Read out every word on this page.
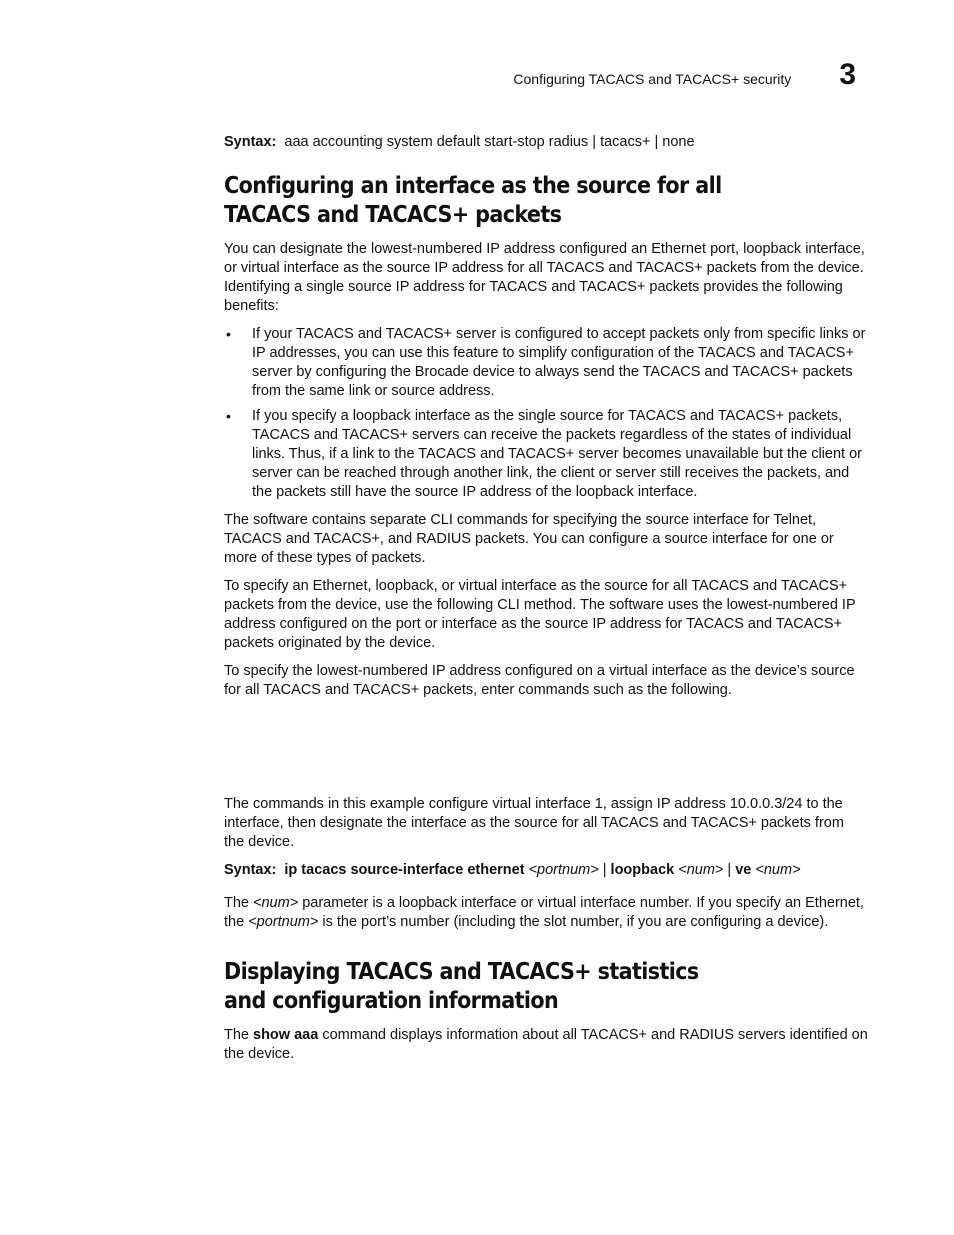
Configuring TACACS and TACACS+ security 3
Syntax: aaa accounting system default start-stop radius | tacacs+ | none
Configuring an interface as the source for all TACACS and TACACS+ packets

You can designate the lowest-numbered IP address configured an Ethernet port, loopback interface, or virtual interface as the source IP address for all TACACS and TACACS+ packets from the device. Identifying a single source IP address for TACACS and TACACS+ packets provides the following benefits:

• If your TACACS and TACACS+ server is configured to accept packets only from specific links or IP addresses, you can use this feature to simplify configuration of the TACACS and TACACS+ server by configuring the Brocade device to always send the TACACS and TACACS+ packets from the same link or source address.
• If you specify a loopback interface as the single source for TACACS and TACACS+ packets, TACACS and TACACS+ servers can receive the packets regardless of the states of individual links. Thus, if a link to the TACACS and TACACS+ server becomes unavailable but the client or server can be reached through another link, the client or server still receives the packets, and the packets still have the source IP address of the loopback interface.

The software contains separate CLI commands for specifying the source interface for Telnet, TACACS and TACACS+, and RADIUS packets. You can configure a source interface for one or more of these types of packets.

To specify an Ethernet, loopback, or virtual interface as the source for all TACACS and TACACS+ packets from the device, use the following CLI method. The software uses the lowest-numbered IP address configured on the port or interface as the source IP address for TACACS and TACACS+ packets originated by the device.

To specify the lowest-numbered IP address configured on a virtual interface as the device’s source for all TACACS and TACACS+ packets, enter commands such as the following.

The commands in this example configure virtual interface 1, assign IP address 10.0.0.3/24 to the interface, then designate the interface as the source for all TACACS and TACACS+ packets from the device.

Syntax: ip tacacs source-interface ethernet <portnum> | loopback <num> | ve <num>

The <num> parameter is a loopback interface or virtual interface number. If you specify an Ethernet, the <portnum> is the port’s number (including the slot number, if you are configuring a device).

Displaying TACACS and TACACS+ statistics and configuration information

The show aaa command displays information about all TACACS+ and RADIUS servers identified on the device.
